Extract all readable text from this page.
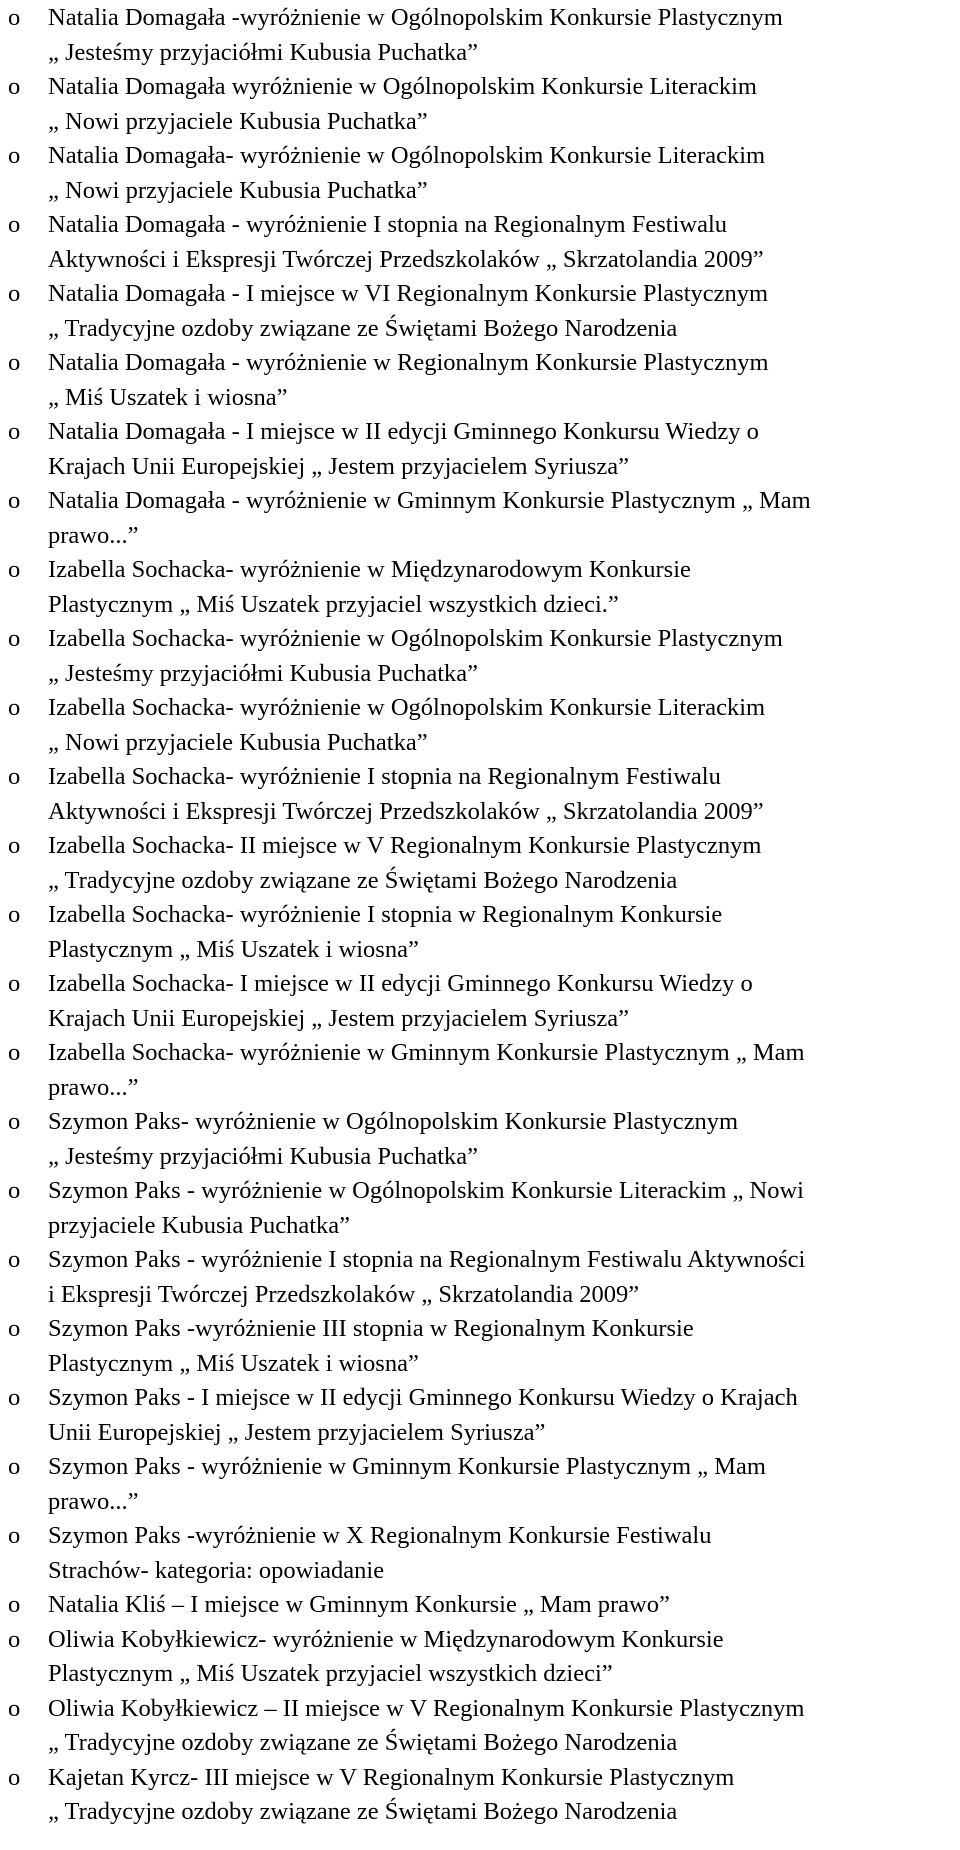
o Natalia Domagała -wyróżnienie w Ogólnopolskim Konkursie Plastycznym
„ Jesteśmy przyjaciółmi Kubusia Puchatka”
o Natalia Domagała wyróżnienie w Ogólnopolskim Konkursie Literackim
„ Nowi przyjaciele Kubusia Puchatka”
o Natalia Domagała- wyróżnienie w Ogólnopolskim Konkursie Literackim
„ Nowi przyjaciele Kubusia Puchatka”
o Natalia Domagała - wyróżnienie I stopnia na Regionalnym Festiwalu
Aktywności i Ekspresji Twórczej Przedszkolaków „ Skrzatolandia 2009”
o Natalia Domagała - I miejsce w VI Regionalnym Konkursie Plastycznym
„ Tradycyjne ozdoby związane ze Świętami Bożego Narodzenia
o Natalia Domagała - wyróżnienie w Regionalnym Konkursie Plastycznym
„ Miś Uszatek i wiosna”
o Natalia Domagała - I miejsce w II edycji Gminnego Konkursu Wiedzy o
Krajach Unii Europejskiej „ Jestem przyjacielem Syriusza”
o Natalia Domagała - wyróżnienie w Gminnym Konkursie Plastycznym „ Mam
prawo...”
o Izabella Sochacka- wyróżnienie w Międzynarodowym Konkursie
Plastycznym „ Miś Uszatek przyjaciel wszystkich dzieci.”
o Izabella Sochacka- wyróżnienie w Ogólnopolskim Konkursie Plastycznym
„ Jesteśmy przyjaciółmi Kubusia Puchatka”
o Izabella Sochacka- wyróżnienie w Ogólnopolskim Konkursie Literackim
„ Nowi przyjaciele Kubusia Puchatka”
o Izabella Sochacka- wyróżnienie I stopnia na Regionalnym Festiwalu
Aktywności i Ekspresji Twórczej Przedszkolaków „ Skrzatolandia 2009”
o Izabella Sochacka- II miejsce w V Regionalnym Konkursie Plastycznym
„ Tradycyjne ozdoby związane ze Świętami Bożego Narodzenia
o Izabella Sochacka- wyróżnienie I stopnia w Regionalnym Konkursie
Plastycznym „ Miś Uszatek i wiosna”
o Izabella Sochacka- I miejsce w II edycji Gminnego Konkursu Wiedzy o
Krajach Unii Europejskiej „ Jestem przyjacielem Syriusza”
o Izabella Sochacka- wyróżnienie w Gminnym Konkursie Plastycznym „ Mam
prawo...”
o Szymon Paks- wyróżnienie w Ogólnopolskim Konkursie Plastycznym
„ Jesteśmy przyjaciółmi Kubusia Puchatka”
o Szymon Paks - wyróżnienie w Ogólnopolskim Konkursie Literackim „ Nowi
przyjaciele Kubusia Puchatka”
o Szymon Paks - wyróżnienie I stopnia na Regionalnym Festiwalu Aktywności
i Ekspresji Twórczej Przedszkolaków „ Skrzatolandia 2009”
o Szymon Paks -wyróżnienie III stopnia w Regionalnym Konkursie
Plastycznym „ Miś Uszatek i wiosna”
o Szymon Paks - I miejsce w II edycji Gminnego Konkursu Wiedzy o Krajach
Unii Europejskiej „ Jestem przyjacielem Syriusza”
o Szymon Paks - wyróżnienie w Gminnym Konkursie Plastycznym „ Mam
prawo...”
o Szymon Paks -wyróżnienie w X Regionalnym Konkursie Festiwalu
Strachów- kategoria: opowiadanie
o Natalia Kliś – I miejsce w Gminnym Konkursie „ Mam prawo”
o Oliwia Kobyłkiewicz- wyróżnienie w Międzynarodowym Konkursie
Plastycznym „ Miś Uszatek przyjaciel wszystkich dzieci”
o Oliwia Kobyłkiewicz – II miejsce w V Regionalnym Konkursie Plastycznym
„ Tradycyjne ozdoby związane ze Świętami Bożego Narodzenia
o Kajetan Kyrcz- III miejsce w V Regionalnym Konkursie Plastycznym
„ Tradycyjne ozdoby związane ze Świętami Bożego Narodzenia
